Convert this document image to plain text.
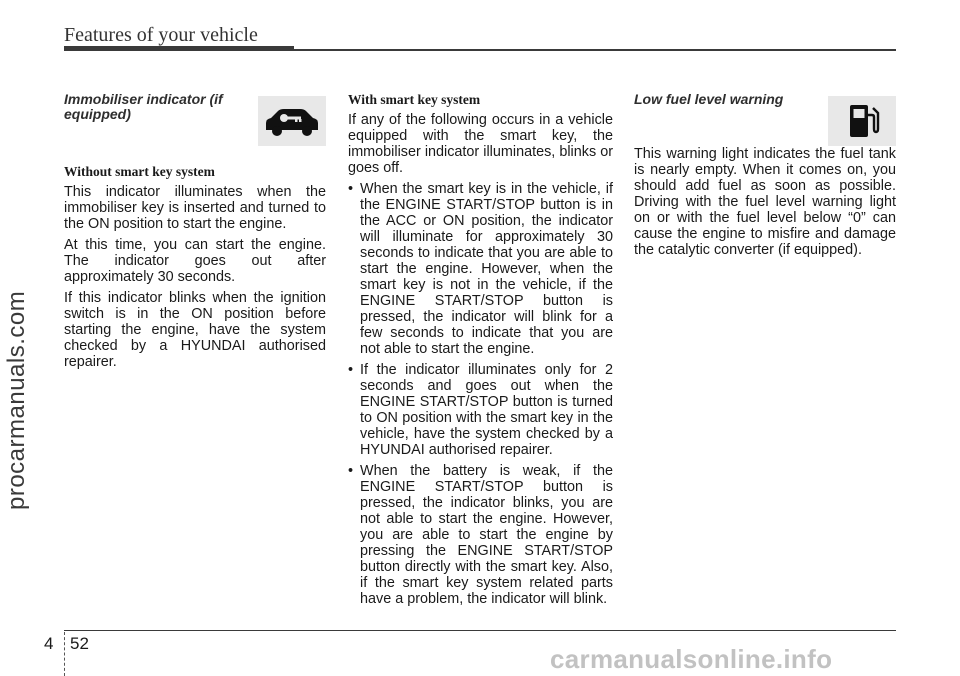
Features of your vehicle
Immobiliser indicator (if equipped)
Without smart key system

This indicator illuminates when the immobiliser key is inserted and turned to the ON position to start the engine.

At this time, you can start the engine. The indicator goes out after approximately 30 seconds.

If this indicator blinks when the ignition switch is in the ON position before starting the engine, have the system checked by a HYUNDAI authorised repairer.

With smart key system

If any of the following occurs in a vehicle equipped with the smart key, the immobiliser indicator illuminates, blinks or goes off.

• When the smart key is in the vehicle, if the ENGINE START/STOP button is in the ACC or ON position, the indicator will illuminate for approximately 30 seconds to indicate that you are able to start the engine. However, when the smart key is not in the vehicle, if the ENGINE START/STOP button is pressed, the indicator will blink for a few seconds to indicate that you are not able to start the engine.
• If the indicator illuminates only for 2 seconds and goes out when the ENGINE START/STOP button is turned to ON position with the smart key in the vehicle, have the system checked by a HYUNDAI authorised repairer.
• When the battery is weak, if the ENGINE START/STOP button is pressed, the indicator blinks, you are not able to start the engine. However, you are able to start the engine by pressing the ENGINE START/STOP button directly with the smart key. Also, if the smart key system related parts have a problem, the indicator will blink.
Low fuel level warning

This warning light indicates the fuel tank is nearly empty. When it comes on, you should add fuel as soon as possible. Driving with the fuel level warning light on or with the fuel level below “0” can cause the engine to misfire and damage the catalytic converter (if equipped).

4 52
procarmanuals.com
carmanualsonline.info
